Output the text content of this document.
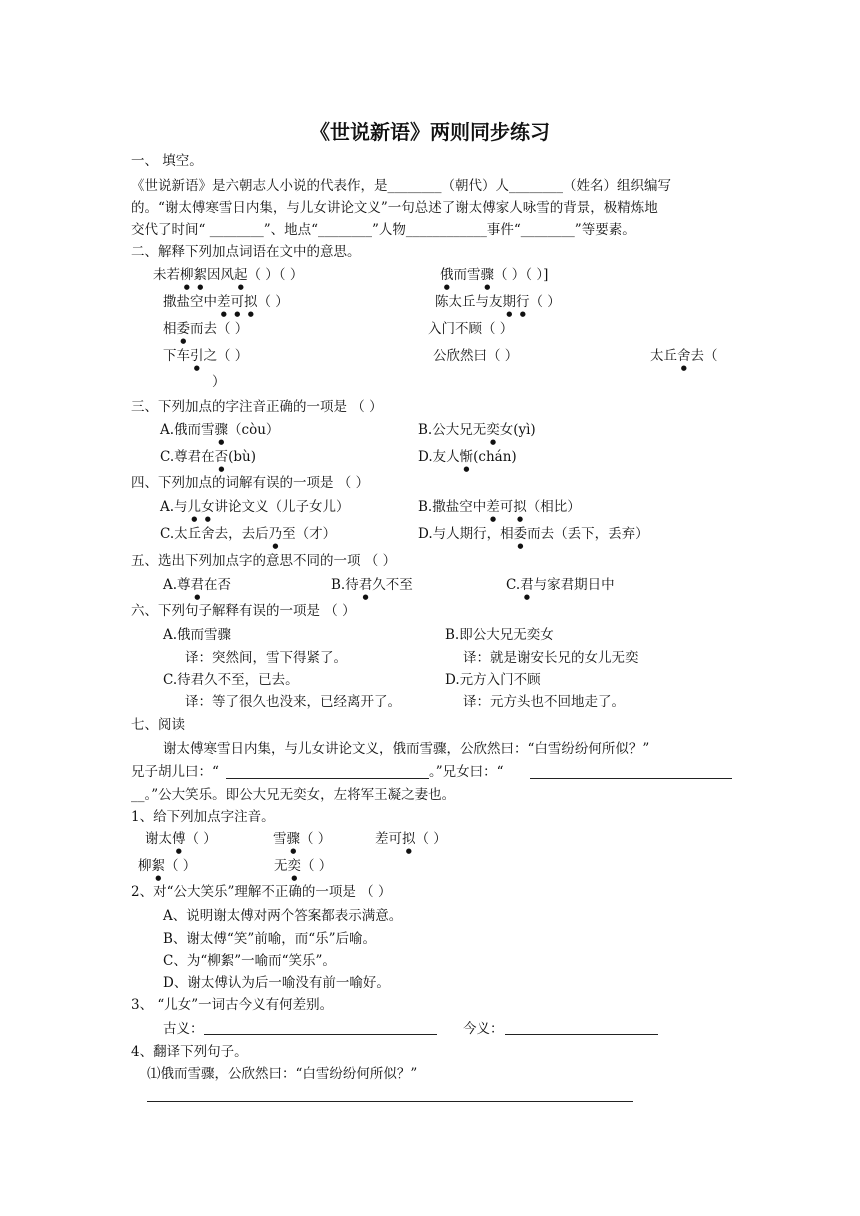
《世说新语》两则同步练习
一、 填空。
《世说新语》是六朝志人小说的代表作，是________（朝代）人________（姓名）组织编写
的。“谢太傅寒雪日内集，与儿女讲论文义”一句总述了谢太傅家人咏雪的背景，极精炼地
交代了时间“ ________”、地点“________”人物____________事件“________”等要素。
二、解释下列加点词语在文中的意思。
未若柳絮因风起（ ）（ ）	俄而雪骤（ ）（ ）]
撒盐空中差可拟（ ）	陈太丘与友期行（ ）
相委而去（ ）	入门不顾（ ）
下车引之（ ）	公欣然曰（ ）	太丘舍去（
）
三、下列加点的字注音正确的一项是 （ ）
A.俄而雪骤（còu）	B.公大兄无奕女(yì)
C.尊君在否(bù)	D.友人惭(chán)
四、下列加点的词解有误的一项是 （ ）
A.与儿女讲论文义（儿子女儿）	B.撒盐空中差可拟（相比）
C.太丘舍去，去后乃至（才）	D.与人期行，相委而去（丢下，丢弃）
五、选出下列加点字的意思不同的一项 （ ）
A.尊君在否	B.待君久不至	C.君与家君期日中
六、下列句子解释有误的一项是 （ ）
A.俄而雪骤	B.即公大兄无奕女
译：突然间，雪下得紧了。	译：就是谢安长兄的女儿无奕
C.待君久不至，已去。	D.元方入门不顾
译：等了很久也没来，已经离开了。	译：元方头也不回地走了。
七、阅读
谢太傅寒雪日内集，与儿女讲论文义，俄而雪骤，公欣然曰：“白雪纷纷何所似？”
兄子胡儿曰：“	。”兄女曰：“
__。”公大笑乐。即公大兄无奕女，左将军王凝之妻也。
1、给下列加点字注音。
谢太傅（ ）	雪骤（ ）	差可拟（ ）
柳絮（ ）	无奕（ ）
2、对“公大笑乐”理解不正确的一项是 （ ）
A、说明谢太傅对两个答案都表示满意。
B、谢太傅“笑”前喻，而“乐”后喻。
C、为“柳絮”一喻而“笑乐”。
D、谢太傅认为后一喻没有前一喻好。
3、 “儿女”一词古今义有何差别。
古义：	今义：
4、翻译下列句子。
⑴俄而雪骤，公欣然曰：“白雪纷纷何所似？”
